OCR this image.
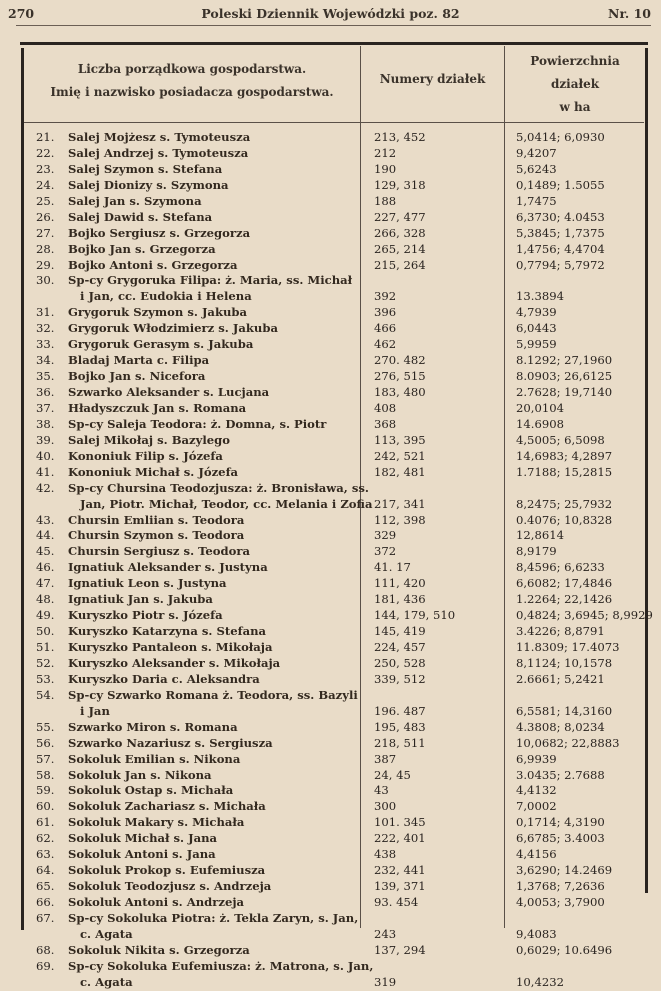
270	Poleski Dziennik Wojewódzki poz. 82	Nr. 10
Liczba porządkowa gospodarstwa.
Imię i nazwisko posiadacza gospodarstwa.
Numery działek
Powierzchnia działek
w ha
21.	Salej Mojżesz s. Tymoteusza	213, 452	5,0414; 6,0930
22.	Salej Andrzej s. Tymoteusza	212	9,4207
23.	Salej Szymon s. Stefana	190	5,6243
24.	Salej Dionizy s. Szymona	129, 318	0,1489; 1.5055
25.	Salej Jan s. Szymona	188	1,7475
26.	Salej Dawid s. Stefana	227, 477	6,3730; 4.0453
27.	Bojko Sergiusz s. Grzegorza	266, 328	5,3845; 1,7375
28.	Bojko Jan s. Grzegorza	265, 214	1,4756; 4,4704
29.	Bojko Antoni s. Grzegorza	215, 264	0,7794; 5,7972
30.	Sp-cy Grygoruka Filipa: ż. Maria, ss. Michał
i Jan, cc. Eudokia i Helena	392	13.3894
31.	Grygoruk Szymon s. Jakuba	396	4,7939
32.	Grygoruk Włodzimierz s. Jakuba	466	6,0443
33.	Grygoruk Gerasym s. Jakuba	462	5,9959
34.	Bladaj Marta c. Filipa	270. 482	8.1292; 27,1960
35.	Bojko Jan s. Nicefora	276, 515	8.0903; 26,6125
36.	Szwarko Aleksander s. Lucjana	183, 480	2.7628; 19,7140
37.	Hładyszczuk Jan s. Romana	408	20,0104
38.	Sp-cy Saleja Teodora: ż. Domna, s. Piotr	368	14.6908
39.	Salej Mikołaj s. Bazylego	113, 395	4,5005; 6,5098
40.	Kononiuk Filip s. Józefa	242, 521	14,6983; 4,2897
41.	Kononiuk Michał s. Józefa	182, 481	1.7188; 15,2815
42.	Sp-cy Chursina Teodozjusza: ż. Bronisława, ss.
Jan, Piotr. Michał, Teodor, cc. Melania i Zofia 217, 341	8,2475; 25,7932
43.	Chursin Emliian s. Teodora	112, 398	0.4076; 10,8328
44.	Chursin Szymon s. Teodora	329	12,8614
45.	Chursin Sergiusz s. Teodora	372	8,9179
46.	Ignatiuk Aleksander s. Justyna	41. 17	8,4596; 6,6233
47.	Ignatiuk Leon s. Justyna	111, 420	6,6082; 17,4846
48.	Ignatiuk Jan s. Jakuba	181, 436	1.2264; 22,1426
49.	Kuryszko Piotr s. Józefa	144, 179, 510	0,4824; 3,6945; 8,9929
50.	Kuryszko Katarzyna s. Stefana	145, 419	3.4226; 8,8791
51.	Kuryszko Pantaleon s. Mikołaja	224, 457	11.8309; 17.4073
52.	Kuryszko Aleksander s. Mikołaja	250, 528	8,1124; 10,1578
53.	Kuryszko Daria c. Aleksandra	339, 512	2.6661; 5,2421
54.	Sp-cy Szwarko Romana ż. Teodora, ss. Bazyli
i Jan	196. 487	6,5581; 14,3160
55.	Szwarko Miron s. Romana	195, 483	4.3808; 8,0234
56.	Szwarko Nazariusz s. Sergiusza	218, 511	10,0682; 22,8883
57.	Sokoluk Emilian s. Nikona	387	6,9939
58.	Sokoluk Jan s. Nikona	24, 45	3.0435; 2.7688
59.	Sokoluk Ostap s. Michała	43	4,4132
60.	Sokoluk Zachariasz s. Michała	300	7,0002
61.	Sokoluk Makary s. Michała	101. 345	0,1714; 4,3190
62.	Sokoluk Michał s. Jana	222, 401	6,6785; 3.4003
63.	Sokoluk Antoni s. Jana	438	4,4156
64.	Sokoluk Prokop s. Eufemiusza	232, 441	3,6290; 14.2469
65.	Sokoluk Teodozjusz s. Andrzeja	139, 371	1,3768; 7,2636
66.	Sokoluk Antoni s. Andrzeja	93. 454	4,0053; 3,7900
67.	Sp-cy Sokoluka Piotra: ż. Tekla Zaryn, s. Jan,
c. Agata	243	9,4083
68.	Sokoluk Nikita s. Grzegorza	137, 294	0,6029; 10.6496
69.	Sp-cy Sokoluka Eufemiusza: ż. Matrona, s. Jan,
c. Agata	319	10,4232
